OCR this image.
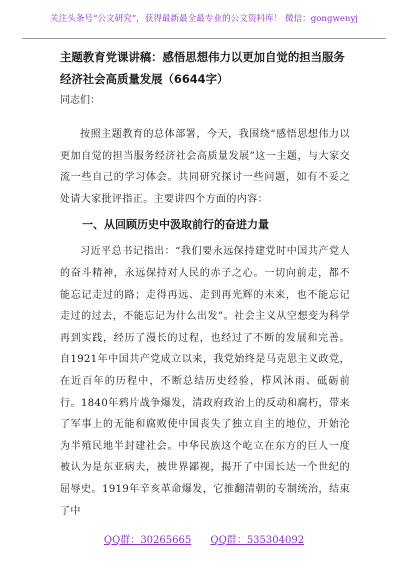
关注头条号“公文研究”，获得最新最全最专业的公文资料库！ 微信：gongwenyj

主题教育党课讲稿：感悟思想伟力以更加自觉的担当服务经济社会高质量发展（6644字）

同志们：

按照主题教育的总体部署，今天，我围绕“感悟思想伟力以更加自觉的担当服务经济社会高质量发展”这一主题，与大家交流一些自己的学习体会。共同研究探讨一些问题，如有不妥之处请大家批评指正。主要讲四个方面的内容：

一、从回顾历史中汲取前行的奋进力量

习近平总书记指出：“我们要永远保持建党时中国共产党人的奋斗精神，永远保持对人民的赤子之心。一切向前走，都不能忘记走过的路；走得再远、走到再光辉的未来，也不能忘记走过的过去，不能忘记为什么出发”。社会主义从空想变为科学再到实践，经历了漫长的过程，也经过了不断的发展和完善。自1921年中国共产党成立以来，我党始终是马克思主义政党，在近百年的历程中，不断总结历史经验，栉风沐雨、砥砺前行。1840年鸦片战争爆发，清政府政治上的反动和腐朽，带来了军事上的无能和腐败使中国丧失了独立自主的地位，开始沦为半殖民地半封建社会。中华民族这个屹立在东方的巨人一度被认为是东亚病夫，被世界鄙视，揭开了中国长达一个世纪的屈辱史。1919年辛亥革命爆发，它推翻清朝的专制统治，结束了中

QQ群：30265665 QQ群：535304092
